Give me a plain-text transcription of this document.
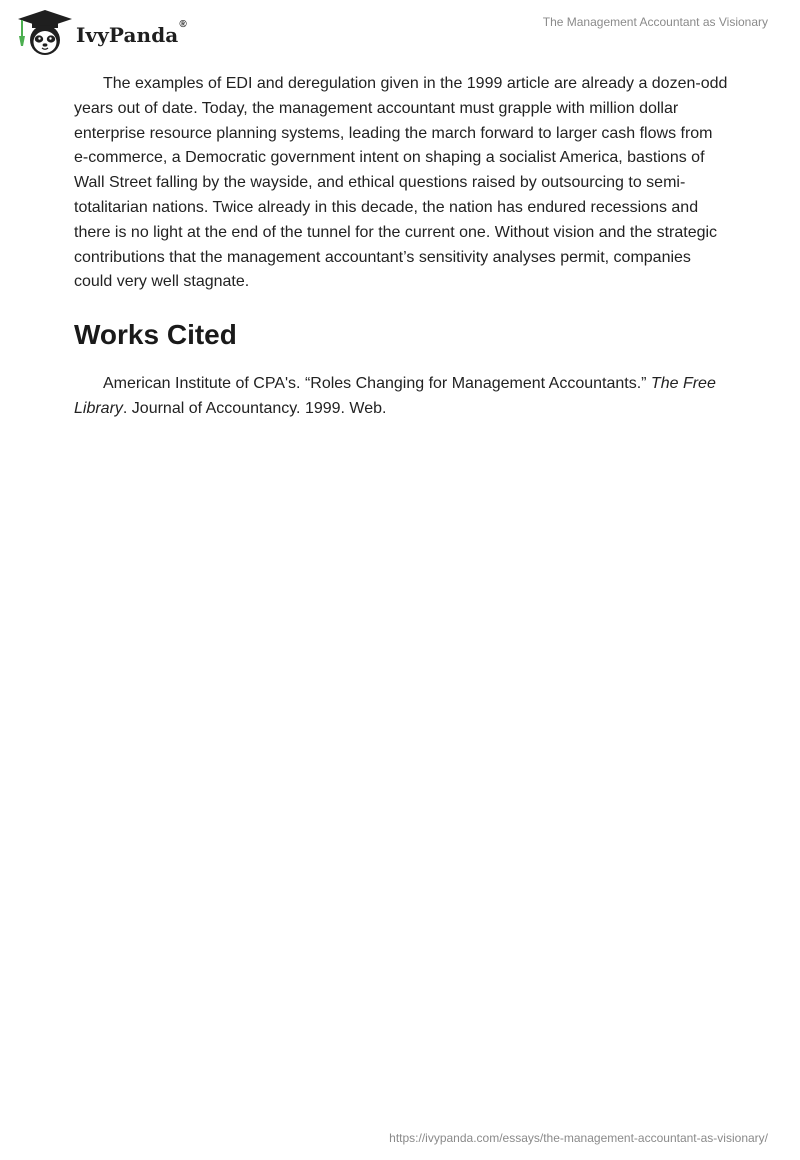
IvyPanda ®	The Management Accountant as Visionary

The examples of EDI and deregulation given in the 1999 article are already a dozen-odd years out of date. Today, the management accountant must grapple with million dollar enterprise resource planning systems, leading the march forward to larger cash flows from e-commerce, a Democratic government intent on shaping a socialist America, bastions of Wall Street falling by the wayside, and ethical questions raised by outsourcing to semi-totalitarian nations. Twice already in this decade, the nation has endured recessions and there is no light at the end of the tunnel for the current one. Without vision and the strategic contributions that the management accountant’s sensitivity analyses permit, companies could very well stagnate.

Works Cited

American Institute of CPA's. “Roles Changing for Management Accountants.” The Free Library. Journal of Accountancy. 1999. Web.

https://ivypanda.com/essays/the-management-accountant-as-visionary/
